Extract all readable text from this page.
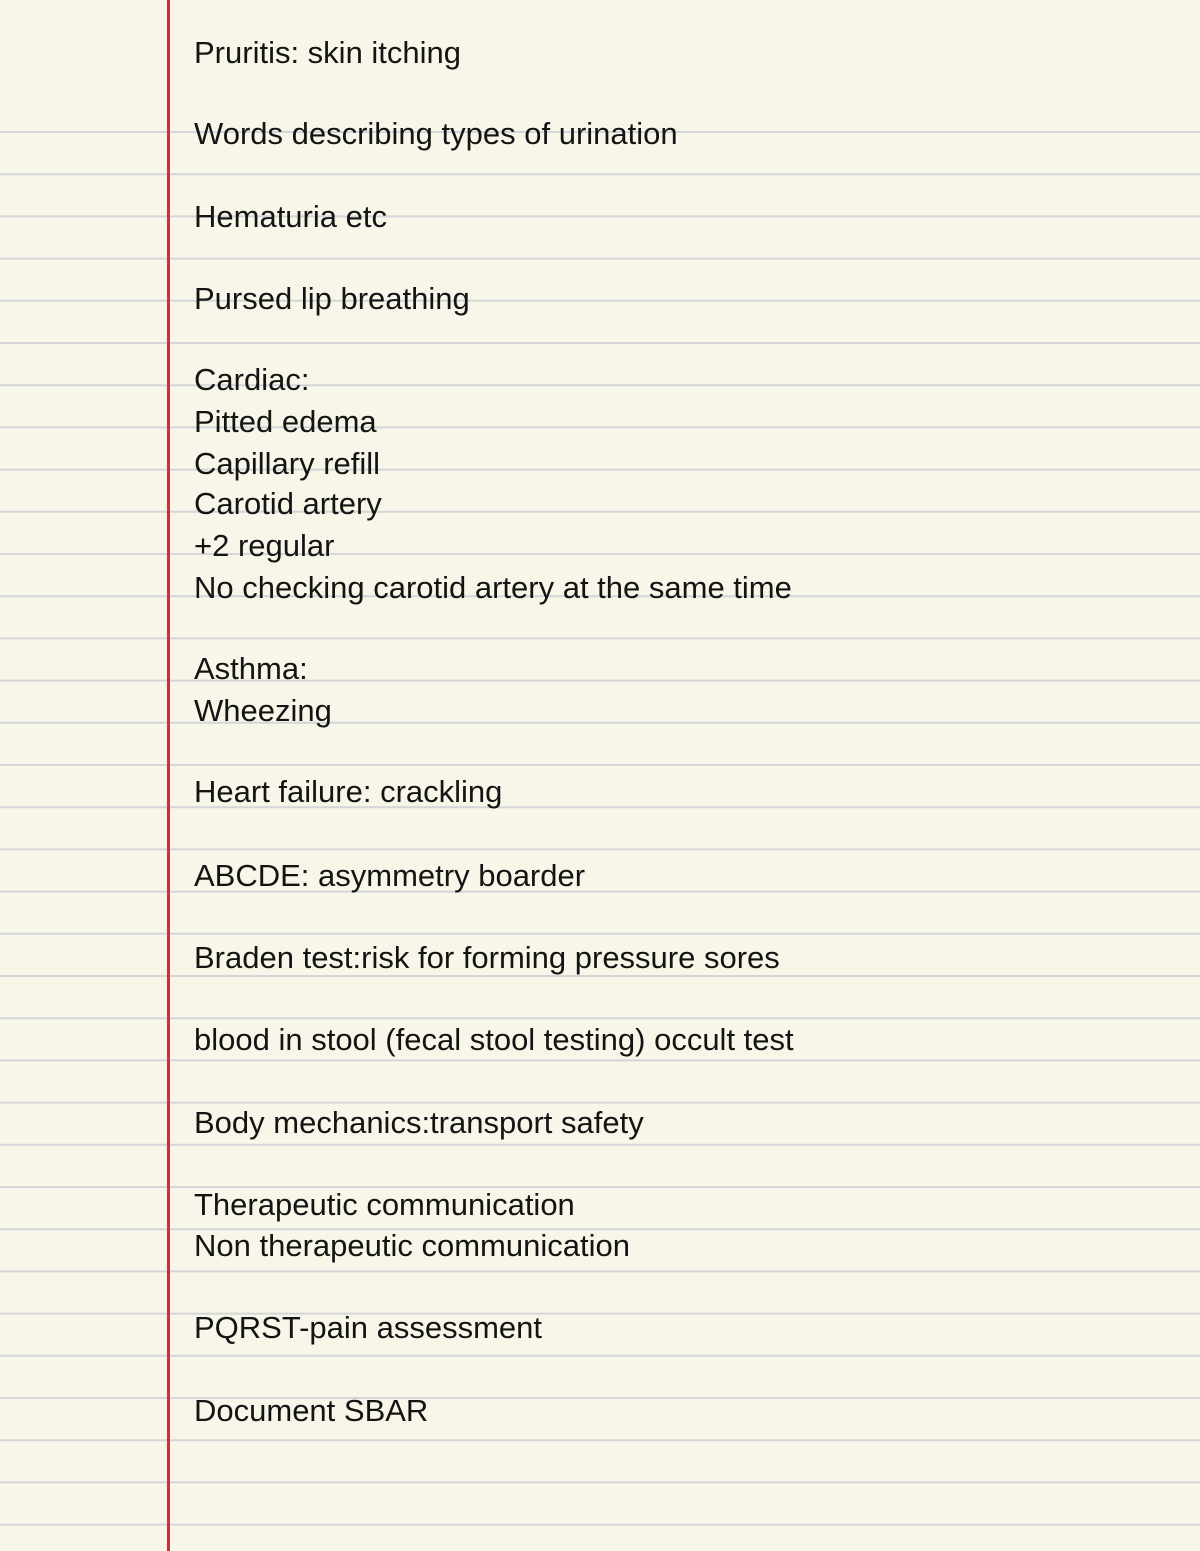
Pruritis: skin itching
Words describing types of urination
Hematuria etc
Pursed lip breathing
Cardiac:
Pitted edema
Capillary refill
Carotid artery
+2 regular
No checking carotid artery at the same time
Asthma:
Wheezing
Heart failure: crackling
ABCDE: asymmetry boarder
Braden test:risk for forming pressure sores
blood in stool (fecal stool testing) occult test
Body mechanics:transport safety
Therapeutic communication
Non therapeutic communication
PQRST-pain assessment
Document SBAR
